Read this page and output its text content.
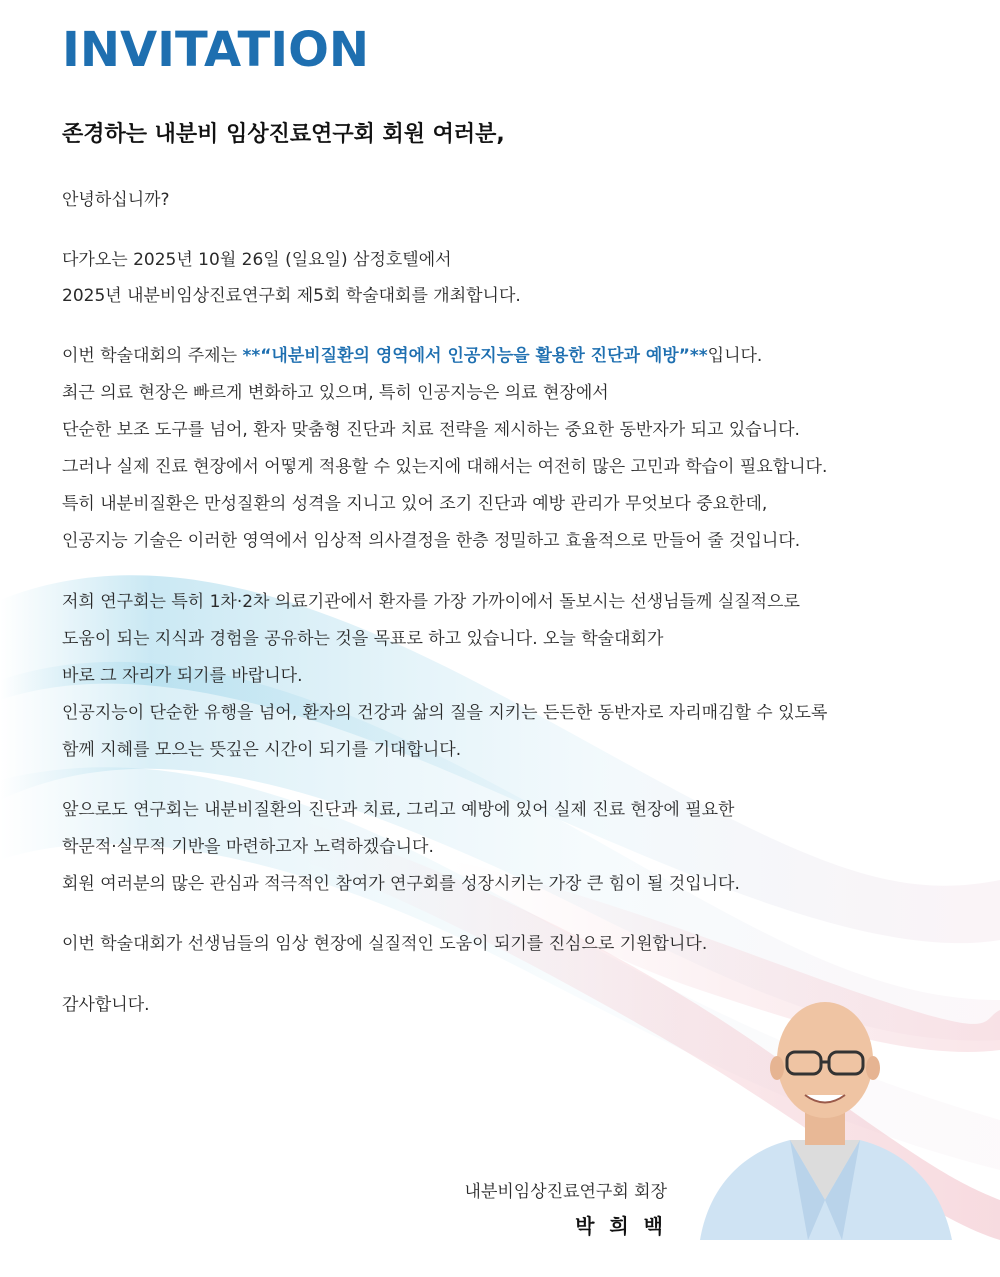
INVITATION
존경하는 내분비 임상진료연구회 회원 여러분,
안녕하십니까?
다가오는 2025년 10월 26일 (일요일) 삼정호텔에서
2025년 내분비임상진료연구회 제5회 학술대회를 개최합니다.
이번 학술대회의 주제는 **“내분비질환의 영역에서 인공지능을 활용한 진단과 예방”**입니다.
최근 의료 현장은 빠르게 변화하고 있으며, 특히 인공지능은 의료 현장에서
단순한 보조 도구를 넘어, 환자 맞춤형 진단과 치료 전략을 제시하는 중요한 동반자가 되고 있습니다.
그러나 실제 진료 현장에서 어떻게 적용할 수 있는지에 대해서는 여전히 많은 고민과 학습이 필요합니다.
특히 내분비질환은 만성질환의 성격을 지니고 있어 조기 진단과 예방 관리가 무엇보다 중요한데,
인공지능 기술은 이러한 영역에서 임상적 의사결정을 한층 정밀하고 효율적으로 만들어 줄 것입니다.
저희 연구회는 특히 1차·2차 의료기관에서 환자를 가장 가까이에서 돌보시는 선생님들께 실질적으로
도움이 되는 지식과 경험을 공유하는 것을 목표로 하고 있습니다. 오늘 학술대회가
바로 그 자리가 되기를 바랍니다.
인공지능이 단순한 유행을 넘어, 환자의 건강과 삶의 질을 지키는 든든한 동반자로 자리매김할 수 있도록
함께 지혜를 모으는 뜻깊은 시간이 되기를 기대합니다.
앞으로도 연구회는 내분비질환의 진단과 치료, 그리고 예방에 있어 실제 진료 현장에 필요한
학문적·실무적 기반을 마련하고자 노력하겠습니다.
회원 여러분의 많은 관심과 적극적인 참여가 연구회를 성장시키는 가장 큰 힘이 될 것입니다.
이번 학술대회가 선생님들의 임상 현장에 실질적인 도움이 되기를 진심으로 기원합니다.
감사합니다.
내분비임상진료연구회 회장
박 희 백
